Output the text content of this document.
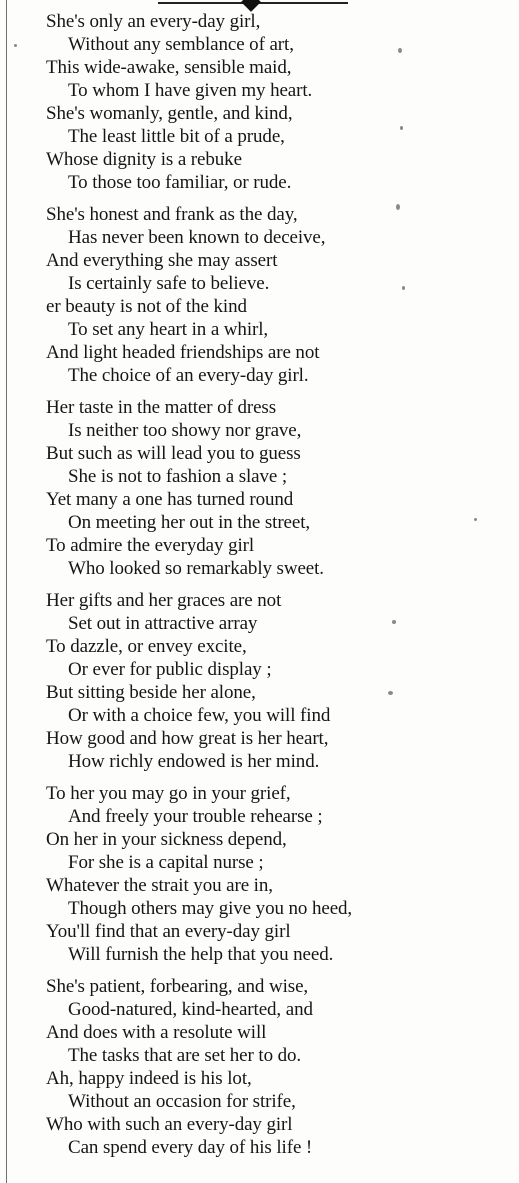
She's only an every-day girl,
Without any semblance of art,
This wide-awake, sensible maid,
To whom I have given my heart.
She's womanly, gentle, and kind,
The least little bit of a prude,
Whose dignity is a rebuke
To those too familiar, or rude.
She's honest and frank as the day,
Has never been known to deceive,
And everything she may assert
Is certainly safe to believe.
er beauty is not of the kind
To set any heart in a whirl,
And light headed friendships are not
The choice of an every-day girl.
Her taste in the matter of dress
Is neither too showy nor grave,
But such as will lead you to guess
She is not to fashion a slave ;
Yet many a one has turned round
On meeting her out in the street,
To admire the everyday girl
Who looked so remarkably sweet.
Her gifts and her graces are not
Set out in attractive array
To dazzle, or envey excite,
Or ever for public display ;
But sitting beside her alone,
Or with a choice few, you will find
How good and how great is her heart,
How richly endowed is her mind.
To her you may go in your grief,
And freely your trouble rehearse ;
On her in your sickness depend,
For she is a capital nurse ;
Whatever the strait you are in,
Though others may give you no heed,
You'll find that an every-day girl
Will furnish the help that you need.
She's patient, forbearing, and wise,
Good-natured, kind-hearted, and
And does with a resolute will
The tasks that are set her to do.
Ah, happy indeed is his lot,
Without an occasion for strife,
Who with such an every-day girl
Can spend every day of his life !
